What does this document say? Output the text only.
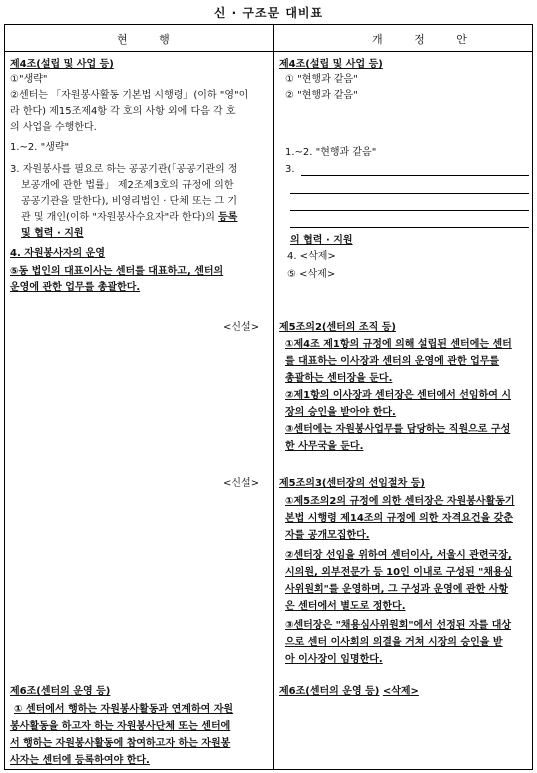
신 · 구조문 대비표
현 행	개 정 안
제4조(설립 및 사업 등)
①"생략"
②센터는 「자원봉사활동 기본법 시행령」(이하 "영"이
라 한다) 제15조제4항 각 호의 사항 외에 다음 각 호
의 사업을 수행한다.
1.~2. "생략"
3. 자원봉사를 필요로 하는 공공기관(「공공기관의 정
보공개에 관한 법률」 제2조제3호의 규정에 의한
공공기관을 말한다), 비영리법인 · 단체 또는 그 기
관 및 개인(이하 "자원봉사수요자"라 한다)의 등록
및 협력 · 지원
4. 자원봉사자의 운영
⑤동 법인의 대표이사는 센터를 대표하고, 센터의
운영에 관한 업무를 총괄한다.
<신설>
<신설>
제6조(센터의 운영 등)
① 센터에서 행하는 자원봉사활동과 연계하여 자원
봉사활동을 하고자 하는 자원봉사단체 또는 센터에
서 행하는 자원봉사활동에 참여하고자 하는 자원봉
사자는 센터에 등록하여야 한다.
제4조(설립 및 사업 등)
① "현행과 같음"
② "현행과 같음"
1.~2. "현행과 같음"
3.
의 협력 · 지원
4. <삭제>
⑤ <삭제>
제5조의2(센터의 조직 등)
①제4조 제1항의 규정에 의해 설립된 센터에는 센터
를 대표하는 이사장과 센터의 운영에 관한 업무를
총괄하는 센터장을 둔다.
②제1항의 이사장과 센터장은 센터에서 선임하여 시
장의 승인을 받아야 한다.
③센터에는 자원봉사업무를 담당하는 직원으로 구성
한 사무국을 둔다.
제5조의3(센터장의 선임절차 등)
①제5조의2의 규정에 의한 센터장은 자원봉사활동기
본법 시행령 제14조의 규정에 의한 자격요건을 갖춘
자를 공개모집한다.
②센터장 선임을 위하여 센터이사, 서울시 관련국장,
시의원, 외부전문가 등 10인 이내로 구성된 "채용심
사위원회"를 운영하며, 그 구성과 운영에 관한 사항
은 센터에서 별도로 정한다.
③센터장은 "채용심사위원회"에서 선정된 자를 대상
으로 센터 이사회의 의결을 거쳐 시장의 승인을 받
아 이사장이 임명한다.
제6조(센터의 운영 등) <삭제>
